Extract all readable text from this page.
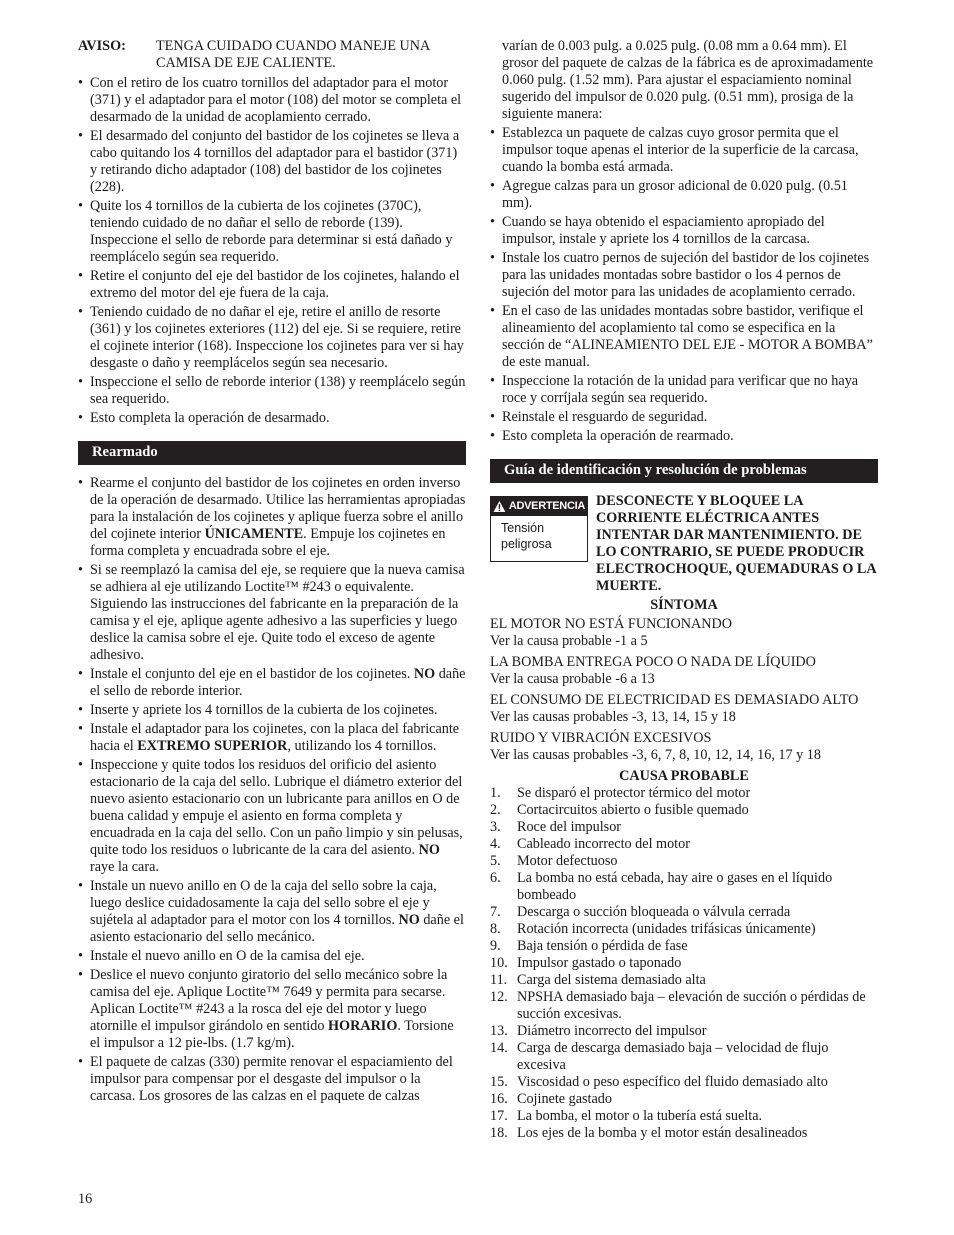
AVISO:	TENGA CUIDADO CUANDO MANEJE UNA CAMISA DE EJE CALIENTE.
• Con el retiro de los cuatro tornillos del adaptador para el motor (371) y el adaptador para el motor (108) del motor se completa el desarmado de la unidad de acoplamiento cerrado.
• El desarmado del conjunto del bastidor de los cojinetes se lleva a cabo quitando los 4 tornillos del adaptador para el bastidor (371) y retirando dicho adaptador (108) del bastidor de los cojinetes (228).
• Quite los 4 tornillos de la cubierta de los cojinetes (370C), teniendo cuidado de no dañar el sello de reborde (139). Inspeccione el sello de reborde para determinar si está dañado y reemplácelo según sea requerido.
• Retire el conjunto del eje del bastidor de los cojinetes, halando el extremo del motor del eje fuera de la caja.
• Teniendo cuidado de no dañar el eje, retire el anillo de resorte (361) y los cojinetes exteriores (112) del eje. Si se requiere, retire el cojinete interior (168). Inspeccione los cojinetes para ver si hay desgaste o daño y reemplácelos según sea necesario.
• Inspeccione el sello de reborde interior (138) y reemplácelo según sea requerido.
• Esto completa la operación de desarmado.
Rearmado
• Rearme el conjunto del bastidor de los cojinetes en orden inverso de la operación de desarmado. Utilice las herramientas apropiadas para la instalación de los cojinetes y aplique fuerza sobre el anillo del cojinete interior ÚNICAMENTE. Empuje los cojinetes en forma completa y encuadrada sobre el eje.
• Si se reemplazó la camisa del eje, se requiere que la nueva camisa se adhiera al eje utilizando Loctite™ #243 o equivalente. Siguiendo las instrucciones del fabricante en la preparación de la camisa y el eje, aplique agente adhesivo a las superficies y luego deslice la camisa sobre el eje. Quite todo el exceso de agente adhesivo.
• Instale el conjunto del eje en el bastidor de los cojinetes. NO dañe el sello de reborde interior.
• Inserte y apriete los 4 tornillos de la cubierta de los cojinetes.
• Instale el adaptador para los cojinetes, con la placa del fabricante hacia el EXTREMO SUPERIOR, utilizando los 4 tornillos.
• Inspeccione y quite todos los residuos del orificio del asiento estacionario de la caja del sello. Lubrique el diámetro exterior del nuevo asiento estacionario con un lubricante para anillos en O de buena calidad y empuje el asiento en forma completa y encuadrada en la caja del sello. Con un paño limpio y sin pelusas, quite todo los residuos o lubricante de la cara del asiento. NO raye la cara.
• Instale un nuevo anillo en O de la caja del sello sobre la caja, luego deslice cuidadosamente la caja del sello sobre el eje y sujétela al adaptador para el motor con los 4 tornillos. NO dañe el asiento estacionario del sello mecánico.
• Instale el nuevo anillo en O de la camisa del eje.
• Deslice el nuevo conjunto giratorio del sello mecánico sobre la camisa del eje. Aplique Loctite™ 7649 y permita para secarse. Aplican Loctite™ #243 a la rosca del eje del motor y luego atornille el impulsor girándolo en sentido HORARIO. Torsione el impulsor a 12 pie-lbs. (1.7 kg/m).
• El paquete de calzas (330) permite renovar el espaciamiento del impulsor para compensar por el desgaste del impulsor o la carcasa. Los grosores de las calzas en el paquete de calzas

varían de 0.003 pulg. a 0.025 pulg. (0.08 mm a 0.64 mm). El grosor del paquete de calzas de la fábrica es de aproximadamente 0.060 pulg. (1.52 mm). Para ajustar el espaciamiento nominal sugerido del impulsor de 0.020 pulg. (0.51 mm), prosiga de la siguiente manera:

• Establezca un paquete de calzas cuyo grosor permita que el impulsor toque apenas el interior de la superficie de la carcasa, cuando la bomba está armada.
• Agregue calzas para un grosor adicional de 0.020 pulg. (0.51 mm).
• Cuando se haya obtenido el espaciamiento apropiado del impulsor, instale y apriete los 4 tornillos de la carcasa.
• Instale los cuatro pernos de sujeción del bastidor de los cojinetes para las unidades montadas sobre bastidor o los 4 pernos de sujeción del motor para las unidades de acoplamiento cerrado.
• En el caso de las unidades montadas sobre bastidor, verifique el alineamiento del acoplamiento tal como se especifica en la sección de “ALINEAMIENTO DEL EJE - MOTOR A BOMBA” de este manual.
• Inspeccione la rotación de la unidad para verificar que no haya roce y corríjala según sea requerido.
• Reinstale el resguardo de seguridad.
• Esto completa la operación de rearmado.
Guía de identificación y resolución de problemas
ADVERTENCIA
Tensión peligrosa
DESCONECTE Y BLOQUEE LA CORRIENTE ELÉCTRICA ANTES INTENTAR DAR MANTENIMIENTO. DE LO CONTRARIO, SE PUEDE PRODUCIR ELECTROCHOQUE, QUEMADURAS O LA MUERTE.
SÍNTOMA
EL MOTOR NO ESTÁ FUNCIONANDO
Ver la causa probable -1 a 5
LA BOMBA ENTREGA POCO O NADA DE LÍQUIDO
Ver la causa probable -6 a 13
EL CONSUMO DE ELECTRICIDAD ES DEMASIADO ALTO
Ver las causas probables -3, 13, 14, 15 y 18
RUIDO Y VIBRACIÓN EXCESIVOS
Ver las causas probables -3, 6, 7, 8, 10, 12, 14, 16, 17 y 18
CAUSA PROBABLE
1.	Se disparó el protector térmico del motor
2.	Cortacircuitos abierto o fusible quemado
3.	Roce del impulsor
4.	Cableado incorrecto del motor
5.	Motor defectuoso
6.	La bomba no está cebada, hay aire o gases en el líquido bombeado
7.	Descarga o succión bloqueada o válvula cerrada
8.	Rotación incorrecta (unidades trifásicas únicamente)
9.	Baja tensión o pérdida de fase
10. Impulsor gastado o taponado
11. Carga del sistema demasiado alta
12. NPSHA demasiado baja – elevación de succión o pérdidas de succión excesivas.
13. Diámetro incorrecto del impulsor
14. Carga de descarga demasiado baja – velocidad de flujo excesiva
15. Viscosidad o peso específico del fluido demasiado alto
16. Cojinete gastado
17. La bomba, el motor o la tubería está suelta.
18. Los ejes de la bomba y el motor están desalineados
16
